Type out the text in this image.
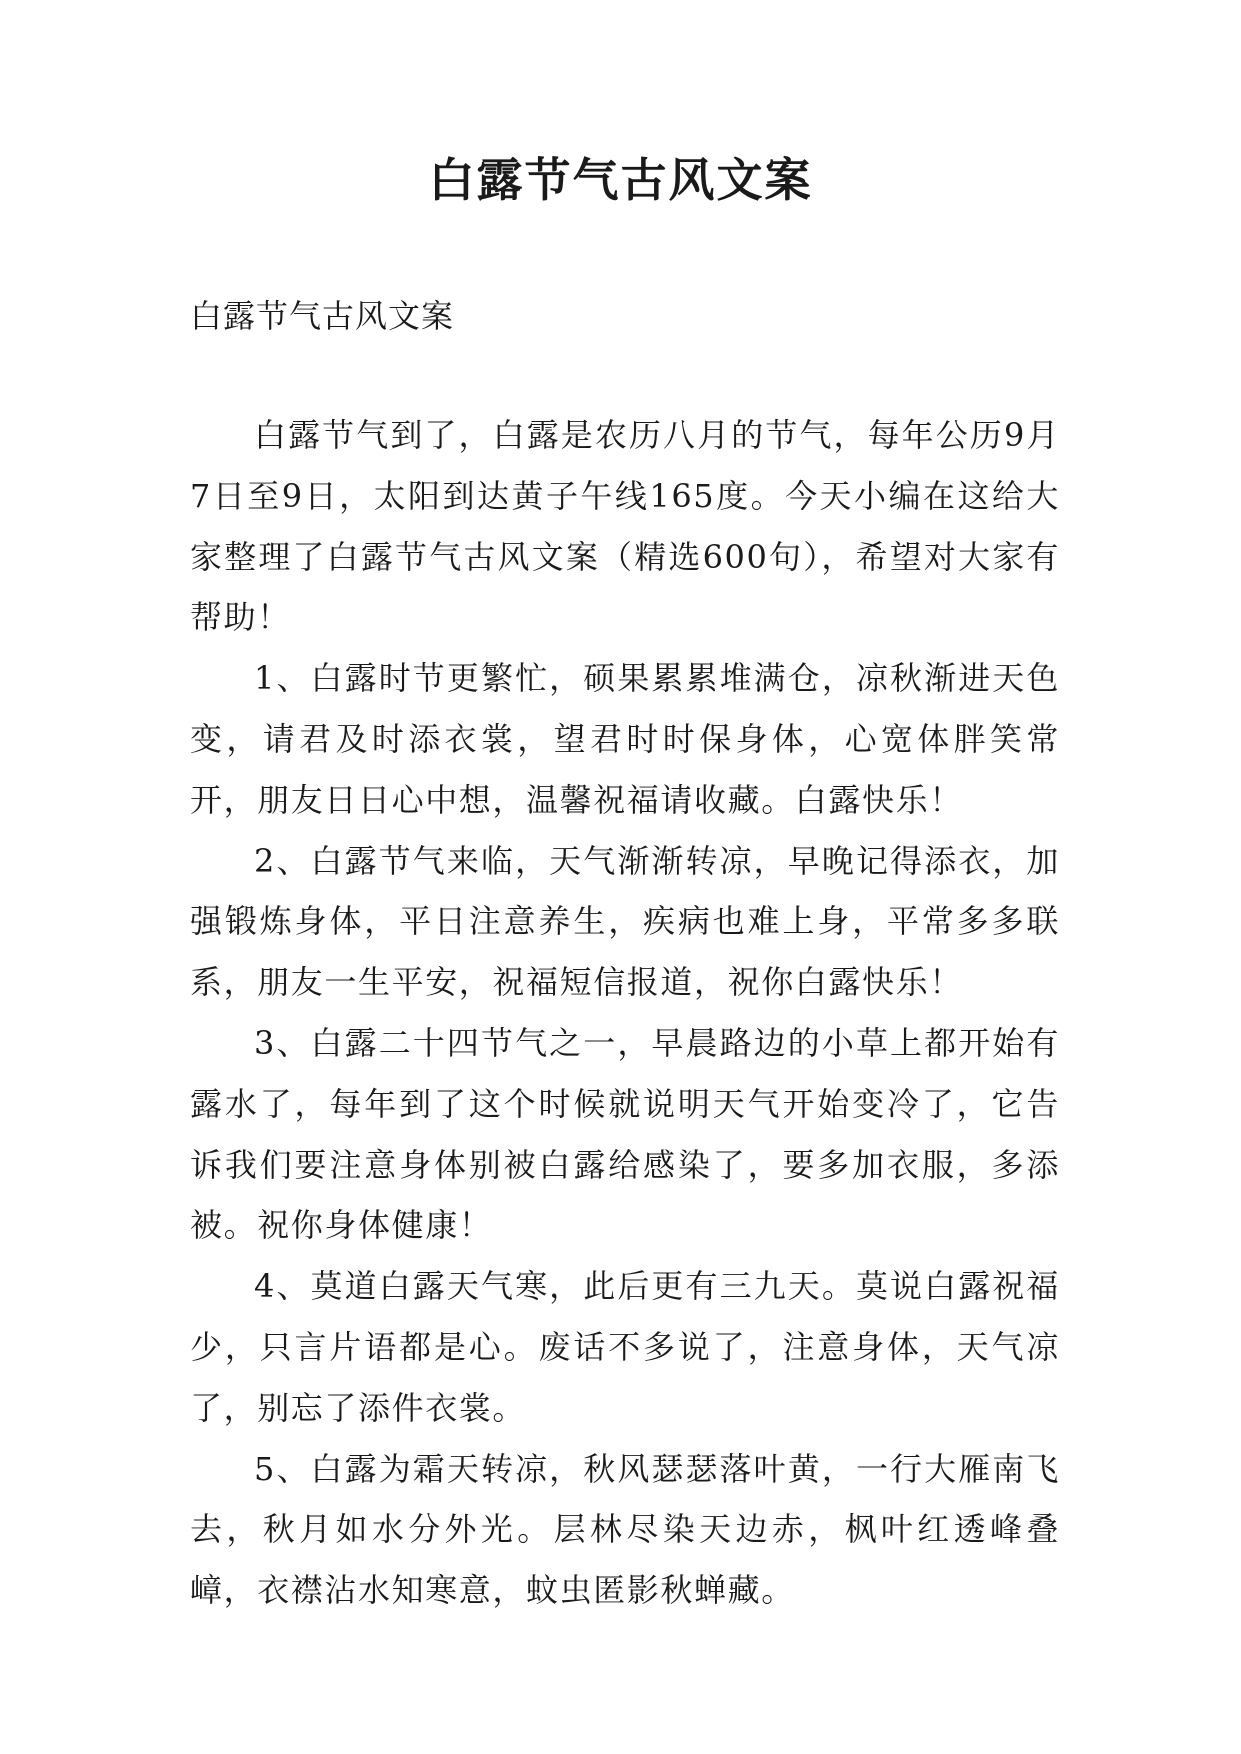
白露节气古风文案
白露节气古风文案

白露节气到了，白露是农历八月的节气，每年公历9月7日至9日，太阳到达黄子午线165度。今天小编在这给大家整理了白露节气古风文案（精选600句），希望对大家有帮助！

1、白露时节更繁忙，硕果累累堆满仓，凉秋渐进天色变，请君及时添衣裳，望君时时保身体，心宽体胖笑常开，朋友日日心中想，温馨祝福请收藏。白露快乐！

2、白露节气来临，天气渐渐转凉，早晚记得添衣，加强锻炼身体，平日注意养生，疾病也难上身，平常多多联系，朋友一生平安，祝福短信报道，祝你白露快乐！

3、白露二十四节气之一，早晨路边的小草上都开始有露水了，每年到了这个时候就说明天气开始变冷了，它告诉我们要注意身体别被白露给感染了，要多加衣服，多添被。祝你身体健康！

4、莫道白露天气寒，此后更有三九天。莫说白露祝福少，只言片语都是心。废话不多说了，注意身体，天气凉了，别忘了添件衣裳。

5、白露为霜天转凉，秋风瑟瑟落叶黄，一行大雁南飞去，秋月如水分外光。层林尽染天边赤，枫叶红透峰叠嶂，衣襟沾水知寒意，蚊虫匿影秋蝉藏。
